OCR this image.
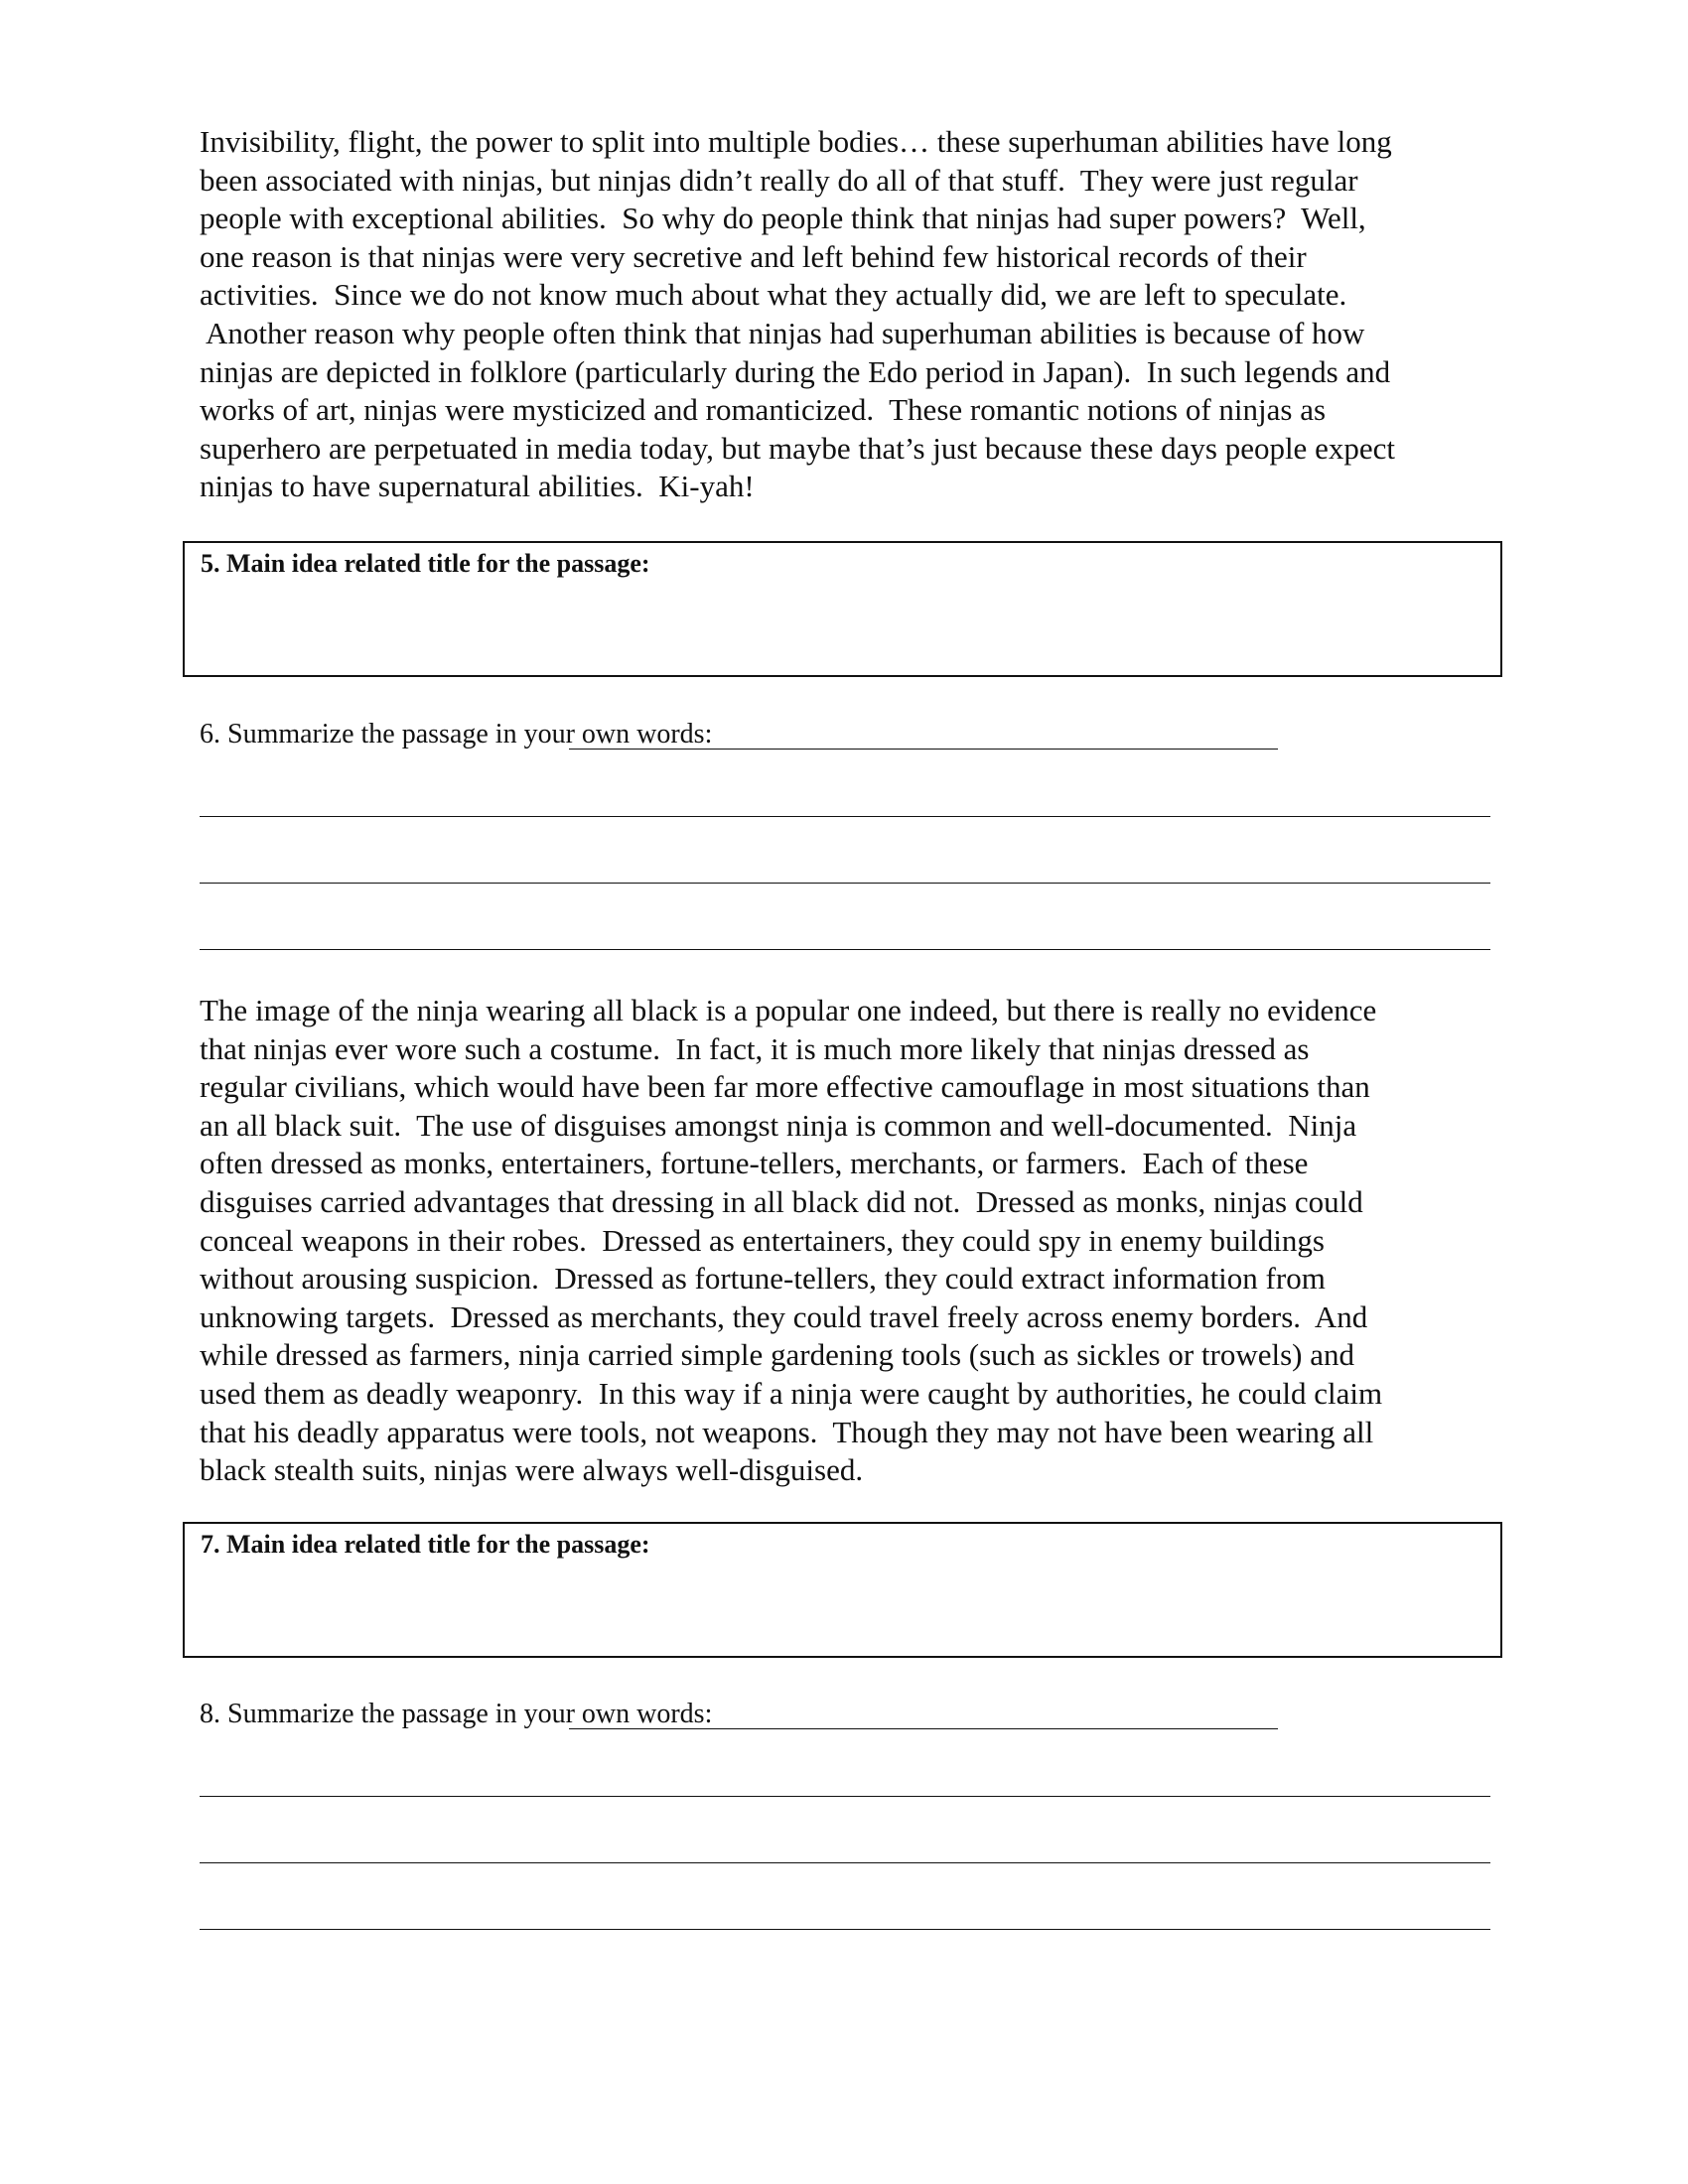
Invisibility, flight, the power to split into multiple bodies… these superhuman abilities have long
been associated with ninjas, but ninjas didn’t really do all of that stuff.  They were just regular
people with exceptional abilities.  So why do people think that ninjas had super powers?  Well,
one reason is that ninjas were very secretive and left behind few historical records of their
activities.  Since we do not know much about what they actually did, we are left to speculate.
Another reason why people often think that ninjas had superhuman abilities is because of how
ninjas are depicted in folklore (particularly during the Edo period in Japan).  In such legends and
works of art, ninjas were mysticized and romanticized.  These romantic notions of ninjas as
superhero are perpetuated in media today, but maybe that’s just because these days people expect
ninjas to have supernatural abilities.  Ki-yah!
5. Main idea related title for the passage:
6. Summarize the passage in your own words:
The image of the ninja wearing all black is a popular one indeed, but there is really no evidence
that ninjas ever wore such a costume.  In fact, it is much more likely that ninjas dressed as
regular civilians, which would have been far more effective camouflage in most situations than
an all black suit.  The use of disguises amongst ninja is common and well-documented.  Ninja
often dressed as monks, entertainers, fortune-tellers, merchants, or farmers.  Each of these
disguises carried advantages that dressing in all black did not.  Dressed as monks, ninjas could
conceal weapons in their robes.  Dressed as entertainers, they could spy in enemy buildings
without arousing suspicion.  Dressed as fortune-tellers, they could extract information from
unknowing targets.  Dressed as merchants, they could travel freely across enemy borders.  And
while dressed as farmers, ninja carried simple gardening tools (such as sickles or trowels) and
used them as deadly weaponry.  In this way if a ninja were caught by authorities, he could claim
that his deadly apparatus were tools, not weapons.  Though they may not have been wearing all
black stealth suits, ninjas were always well-disguised.
7. Main idea related title for the passage:
8. Summarize the passage in your own words:
